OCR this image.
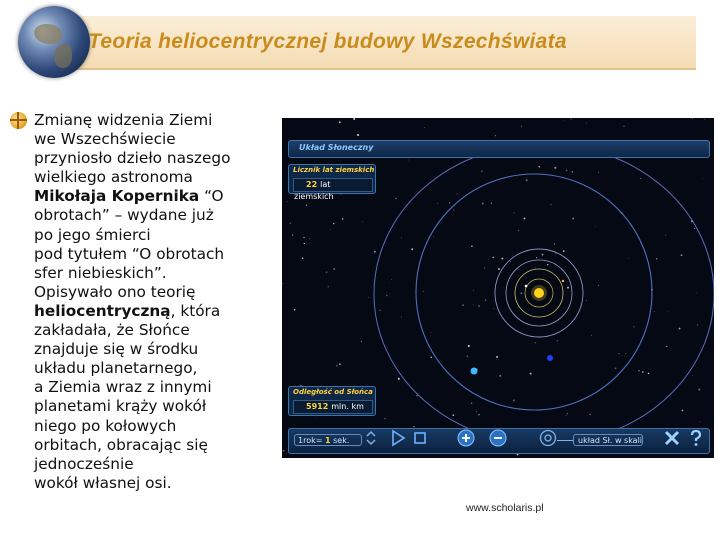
Teoria heliocentrycznej budowy Wszechświata
Zmianę widzenia Ziemi
we Wszechświecie
przyniosło dzieło naszego
wielkiego astronoma
Mikołaja Kopernika “O
obrotach” – wydane już
po jego śmierci
pod tytułem “O obrotach
sfer niebieskich”.
Opisywało ono teorię
heliocentryczną, która
zakładała, że Słońce
znajduje się w środku
układu planetarnego,
a Ziemia wraz z innymi
planetami krąży wokół
niego po kołowych
orbitach, obracając się
jednocześnie
wokół własnej osi.
Układ Słoneczny
Licznik lat ziemskich
22 lat ziemskich
Odległość od Słońca
5912 mln. km
1rok= 1 sek.	układ Sł. w skali
www.scholaris.pl
